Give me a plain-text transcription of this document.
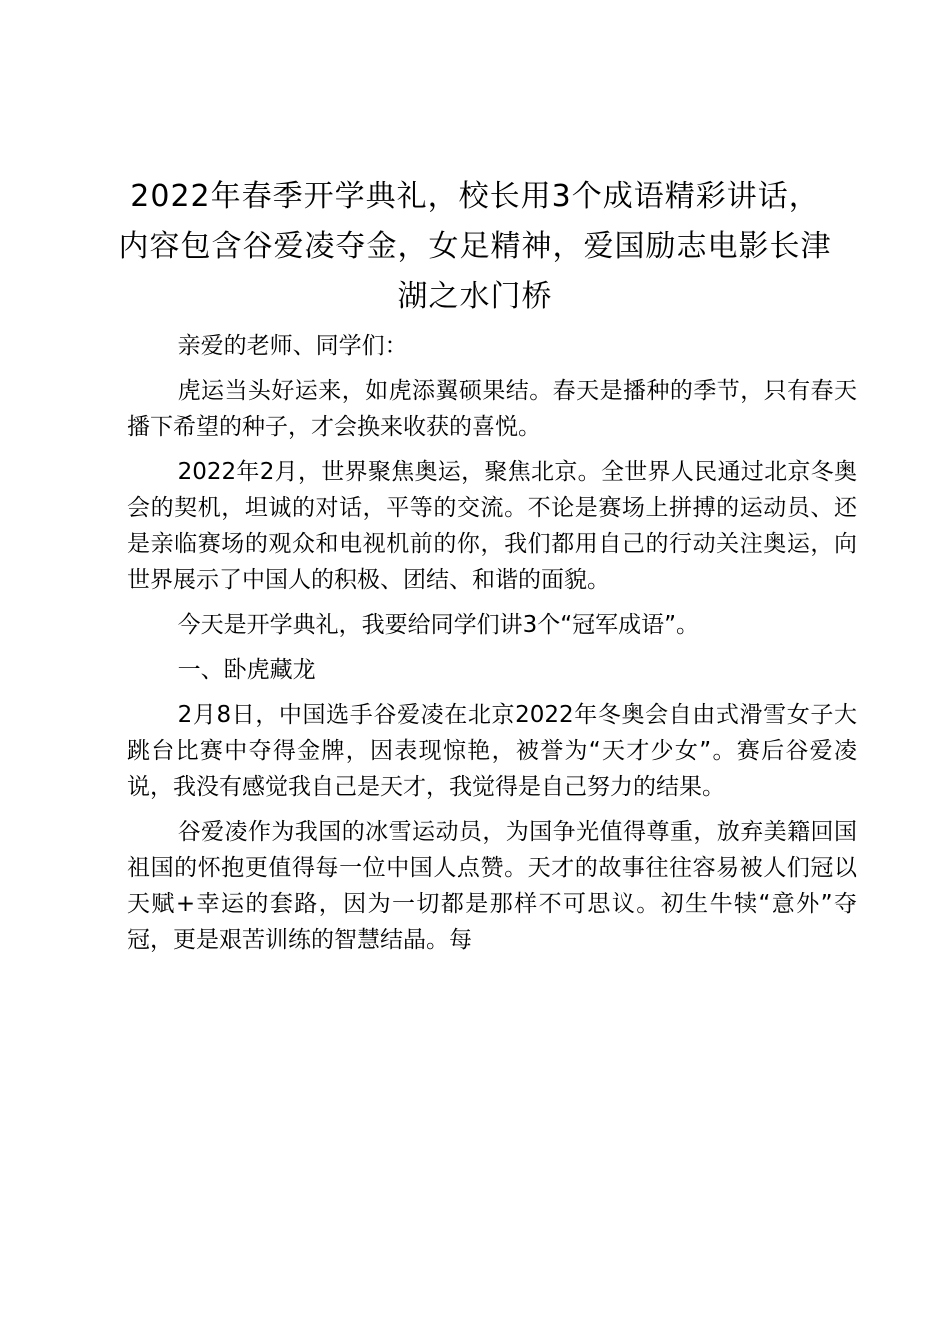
2022年春季开学典礼，校长用3个成语精彩讲话，内容包含谷爱凌夺金，女足精神，爱国励志电影长津湖之水门桥

亲爱的老师、同学们：

虎运当头好运来，如虎添翼硕果结。春天是播种的季节，只有春天播下希望的种子，才会换来收获的喜悦。

2022年2月，世界聚焦奥运，聚焦北京。全世界人民通过北京冬奥会的契机，坦诚的对话，平等的交流。不论是赛场上拼搏的运动员、还是亲临赛场的观众和电视机前的你，我们都用自己的行动关注奥运，向世界展示了中国人的积极、团结、和谐的面貌。

今天是开学典礼，我要给同学们讲3个“冠军成语”。

一、卧虎藏龙

2月8日，中国选手谷爱凌在北京2022年冬奥会自由式滑雪女子大跳台比赛中夺得金牌，因表现惊艳，被誉为“天才少女”。赛后谷爱凌说，我没有感觉我自己是天才，我觉得是自己努力的结果。

谷爱凌作为我国的冰雪运动员，为国争光值得尊重，放弃美籍回国祖国的怀抱更值得每一位中国人点赞。天才的故事往往容易被人们冠以天赋+幸运的套路，因为一切都是那样不可思议。初生牛犊“意外”夺冠，更是艰苦训练的智慧结晶。每
